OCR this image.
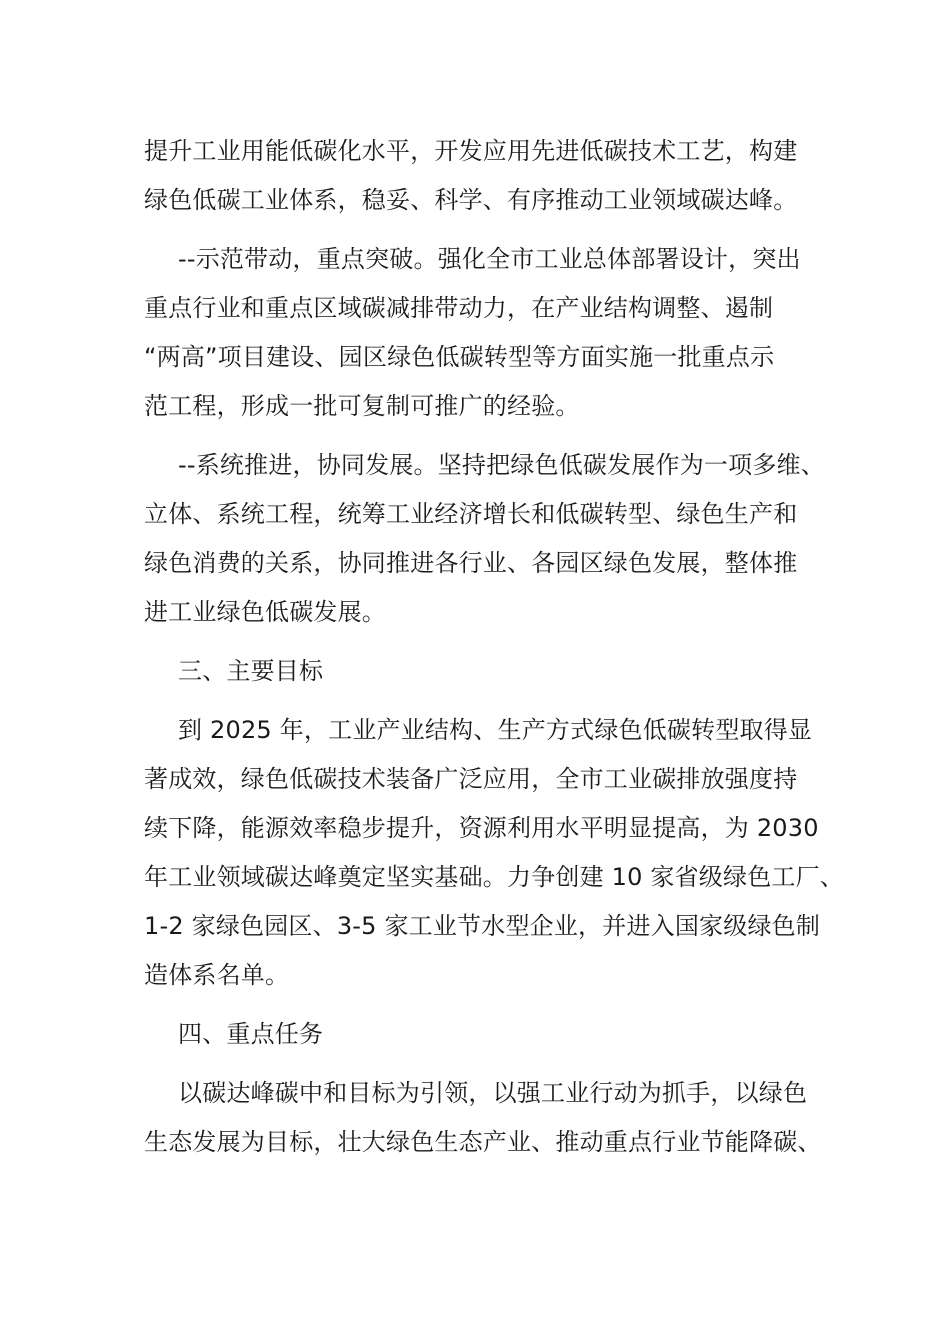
提升工业用能低碳化水平，开发应用先进低碳技术工艺，构建
绿色低碳工业体系，稳妥、科学、有序推动工业领域碳达峰。
--示范带动，重点突破。强化全市工业总体部署设计，突出
重点行业和重点区域碳减排带动力，在产业结构调整、遏制
“两高”项目建设、园区绿色低碳转型等方面实施一批重点示
范工程，形成一批可复制可推广的经验。
--系统推进，协同发展。坚持把绿色低碳发展作为一项多维、
立体、系统工程，统筹工业经济增长和低碳转型、绿色生产和
绿色消费的关系，协同推进各行业、各园区绿色发展，整体推
进工业绿色低碳发展。
三、主要目标
到 2025 年，工业产业结构、生产方式绿色低碳转型取得显
著成效，绿色低碳技术装备广泛应用，全市工业碳排放强度持
续下降，能源效率稳步提升，资源利用水平明显提高，为 2030
年工业领域碳达峰奠定坚实基础。力争创建 10 家省级绿色工厂、
1-2 家绿色园区、3-5 家工业节水型企业，并进入国家级绿色制
造体系名单。
四、重点任务
以碳达峰碳中和目标为引领，以强工业行动为抓手，以绿色
生态发展为目标，壮大绿色生态产业、推动重点行业节能降碳、
